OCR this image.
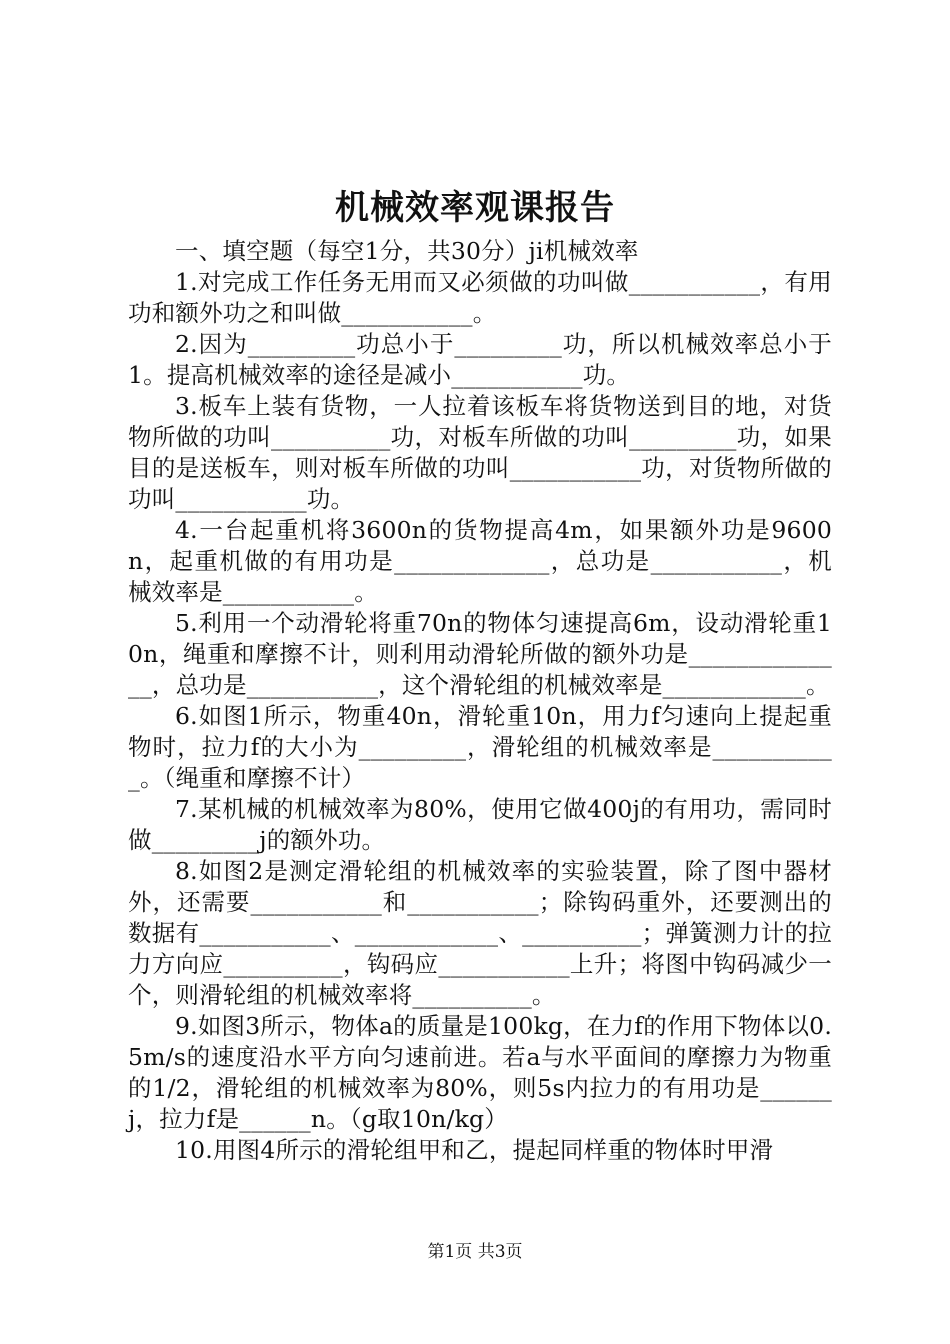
机械效率观课报告

一、填空题（每空1分，共30分）ji机械效率

1.对完成工作任务无用而又必须做的功叫做___________，有用功和额外功之和叫做___________。

2.因为_________功总小于_________功，所以机械效率总小于1。提高机械效率的途径是减小___________功。

3.板车上装有货物，一人拉着该板车将货物送到目的地，对货物所做的功叫__________功，对板车所做的功叫_________功，如果目的是送板车，则对板车所做的功叫___________功，对货物所做的功叫___________功。

4.一台起重机将3600n的货物提高4m，如果额外功是9600n，起重机做的有用功是_____________，总功是___________，机械效率是___________。

5.利用一个动滑轮将重70n的物体匀速提高6m，设动滑轮重10n，绳重和摩擦不计，则利用动滑轮所做的额外功是______________，总功是___________，这个滑轮组的机械效率是____________。

6.如图1所示，物重40n，滑轮重10n，用力f匀速向上提起重物时，拉力f的大小为_________，滑轮组的机械效率是___________。（绳重和摩擦不计）

7.某机械的机械效率为80%，使用它做400j的有用功，需同时做_________j的额外功。

8.如图2是测定滑轮组的机械效率的实验装置，除了图中器材外，还需要___________和___________；除钩码重外，还要测出的数据有___________、____________、__________；弹簧测力计的拉力方向应__________，钩码应___________上升；将图中钩码减少一个，则滑轮组的机械效率将__________。

9.如图3所示，物体a的质量是100kg，在力f的作用下物体以0.5m/s的速度沿水平方向匀速前进。若a与水平面间的摩擦力为物重的1/2，滑轮组的机械效率为80%，则5s内拉力的有用功是______j，拉力f是______n。（g取10n/kg）

10.用图4所示的滑轮组甲和乙，提起同样重的物体时甲滑

第1页 共3页
